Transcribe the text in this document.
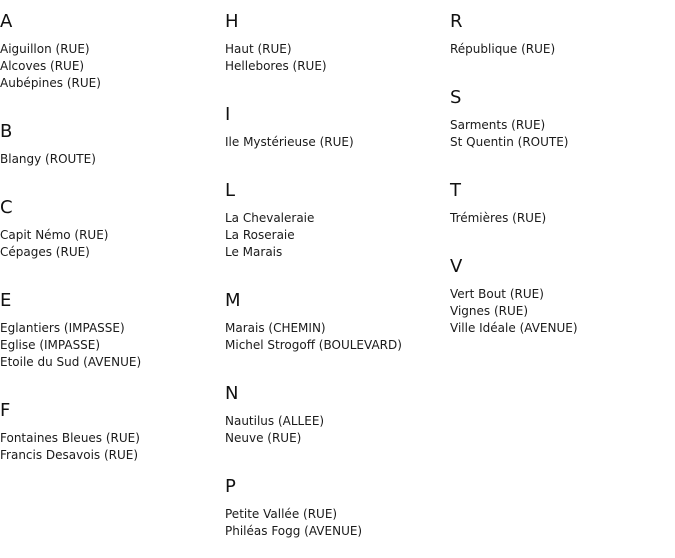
A
Aiguillon (RUE)
Alcoves (RUE)
Aubépines (RUE)
B
Blangy (ROUTE)
C
Capit Némo (RUE)
Cépages (RUE)
E
Eglantiers (IMPASSE)
Eglise (IMPASSE)
Etoile du Sud (AVENUE)
F
Fontaines Bleues (RUE)
Francis Desavois (RUE)
H
Haut (RUE)
Hellebores (RUE)
I
Ile Mystérieuse (RUE)
L
La Chevaleraie
La Roseraie
Le Marais
M
Marais (CHEMIN)
Michel Strogoff (BOULEVARD)
N
Nautilus (ALLEE)
Neuve (RUE)
P
Petite Vallée (RUE)
Philéas Fogg (AVENUE)
R
République (RUE)
S
Sarments (RUE)
St Quentin (ROUTE)
T
Trémières (RUE)
V
Vert Bout (RUE)
Vignes (RUE)
Ville Idéale (AVENUE)
